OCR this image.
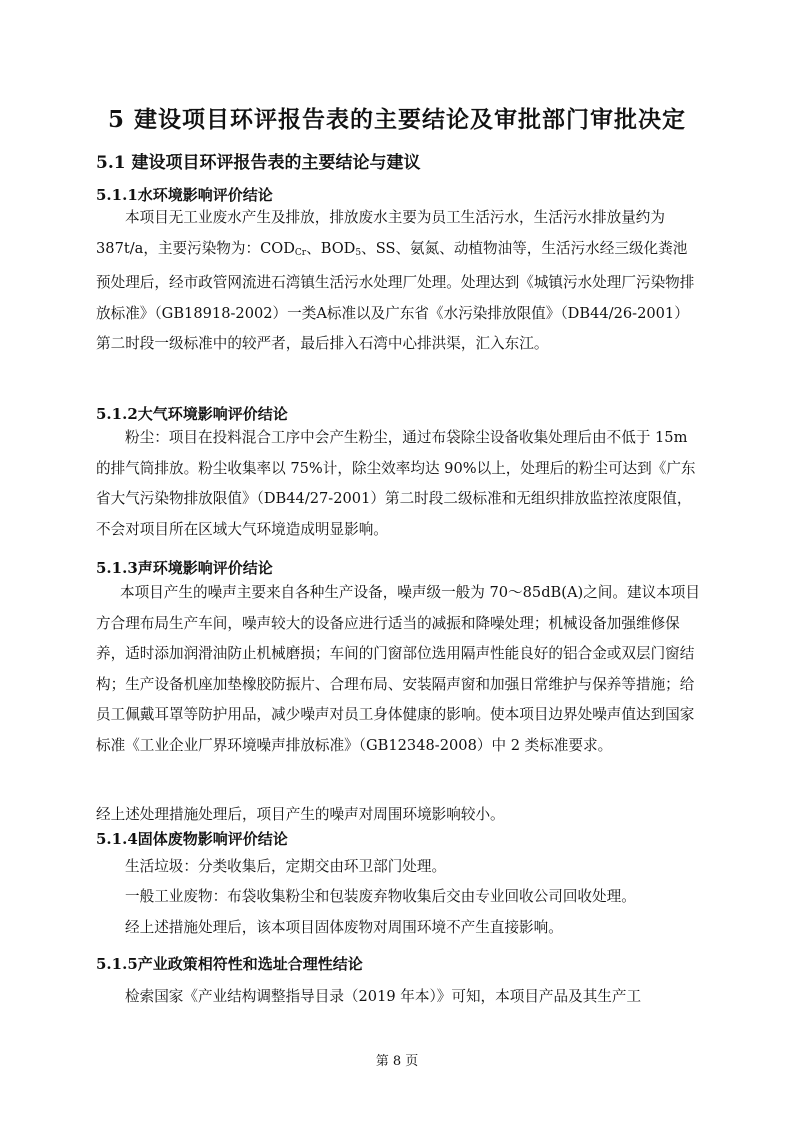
5 建设项目环评报告表的主要结论及审批部门审批决定
5.1 建设项目环评报告表的主要结论与建议
5.1.1水环境影响评价结论
本项目无工业废水产生及排放，排放废水主要为员工生活污水，生活污水排放量约为 387t/a，主要污染物为：$COD_{Cr}$、$BOD_5$、SS、氨氮、动植物油等，生活污水经三级化粪池预处理后，经市政管网流进石湾镇生活污水处理厂处理。处理达到《城镇污水处理厂污染物排放标准》（GB18918-2002）一类A标准以及广东省《水污染排放限值》（DB44/26-2001）第二时段一级标准中的较严者，最后排入石湾中心排洪渠，汇入东江。
5.1.2大气环境影响评价结论
粉尘：项目在投料混合工序中会产生粉尘，通过布袋除尘设备收集处理后由不低于 15m 的排气筒排放。粉尘收集率以 75%计，除尘效率均达 90%以上，处理后的粉尘可达到《广东省大气污染物排放限值》（DB44/27-2001）第二时段二级标准和无组织排放监控浓度限值，不会对项目所在区域大气环境造成明显影响。
5.1.3声环境影响评价结论
本项目产生的噪声主要来自各种生产设备，噪声级一般为 70～85dB(A)之间。建议本项目方合理布局生产车间，噪声较大的设备应进行适当的减振和降噪处理；机械设备加强维修保养，适时添加润滑油防止机械磨损；车间的门窗部位选用隔声性能良好的铝合金或双层门窗结构；生产设备机座加垫橡胶防振片、合理布局、安装隔声窗和加强日常维护与保养等措施；给员工佩戴耳罩等防护用品，减少噪声对员工身体健康的影响。使本项目边界处噪声值达到国家标准《工业企业厂界环境噪声排放标准》（GB12348-2008）中 2 类标准要求。
经上述处理措施处理后，项目产生的噪声对周围环境影响较小。
5.1.4固体废物影响评价结论
生活垃圾：分类收集后，定期交由环卫部门处理。
一般工业废物：布袋收集粉尘和包装废弃物收集后交由专业回收公司回收处理。
经上述措施处理后，该本项目固体废物对周围环境不产生直接影响。
5.1.5产业政策相符性和选址合理性结论
检索国家《产业结构调整指导目录（2019 年本）》可知，本项目产品及其生产工
第 8 页
